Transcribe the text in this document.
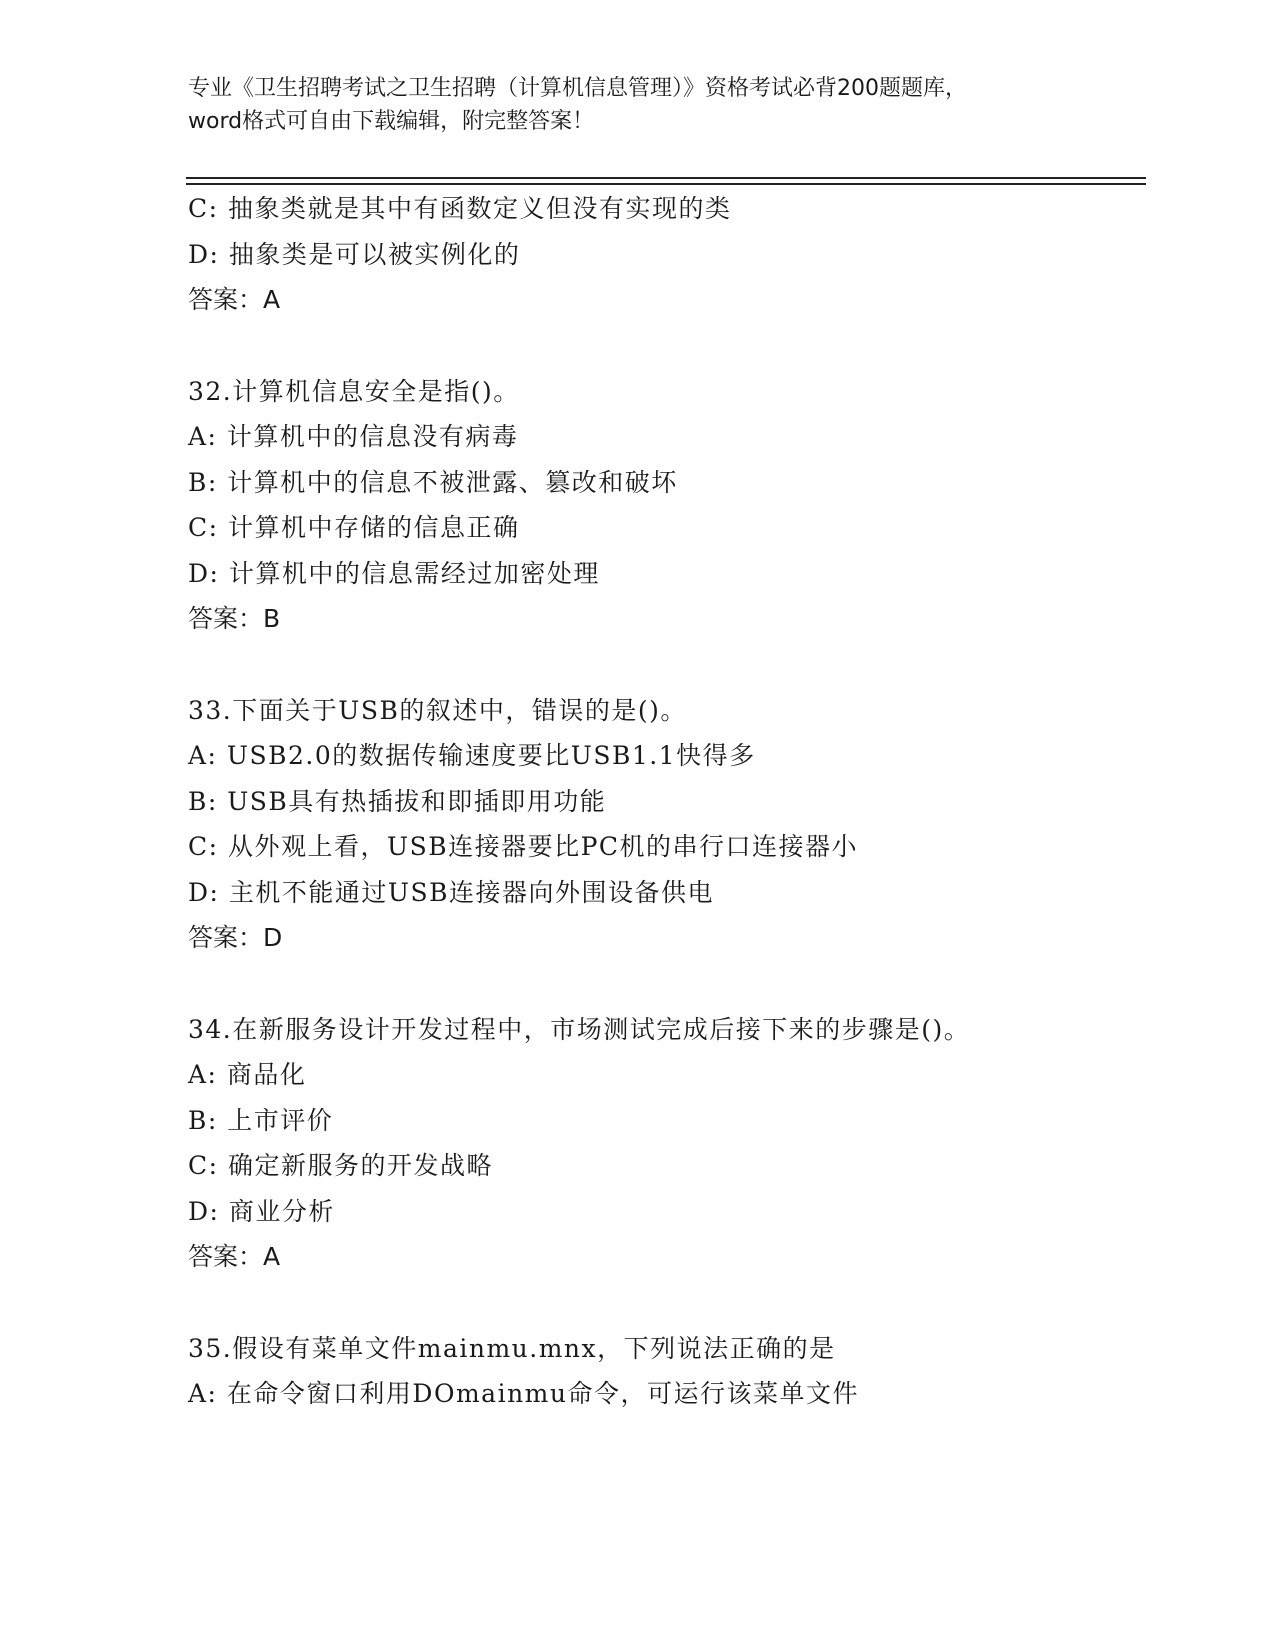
专业《卫生招聘考试之卫生招聘（计算机信息管理）》资格考试必背200题题库，
word格式可自由下载编辑，附完整答案！
C: 抽象类就是其中有函数定义但没有实现的类
D: 抽象类是可以被实例化的
答案：A
32.计算机信息安全是指()。
A: 计算机中的信息没有病毒
B: 计算机中的信息不被泄露、篡改和破坏
C: 计算机中存储的信息正确
D: 计算机中的信息需经过加密处理
答案：B
33.下面关于USB的叙述中，错误的是()。
A: USB2.0的数据传输速度要比USB1.1快得多
B: USB具有热插拔和即插即用功能
C: 从外观上看，USB连接器要比PC机的串行口连接器小
D: 主机不能通过USB连接器向外围设备供电
答案：D
34.在新服务设计开发过程中，市场测试完成后接下来的步骤是()。
A: 商品化
B: 上市评价
C: 确定新服务的开发战略
D: 商业分析
答案：A
35.假设有菜单文件mainmu.mnx，下列说法正确的是
A: 在命令窗口利用DOmainmu命令，可运行该菜单文件
